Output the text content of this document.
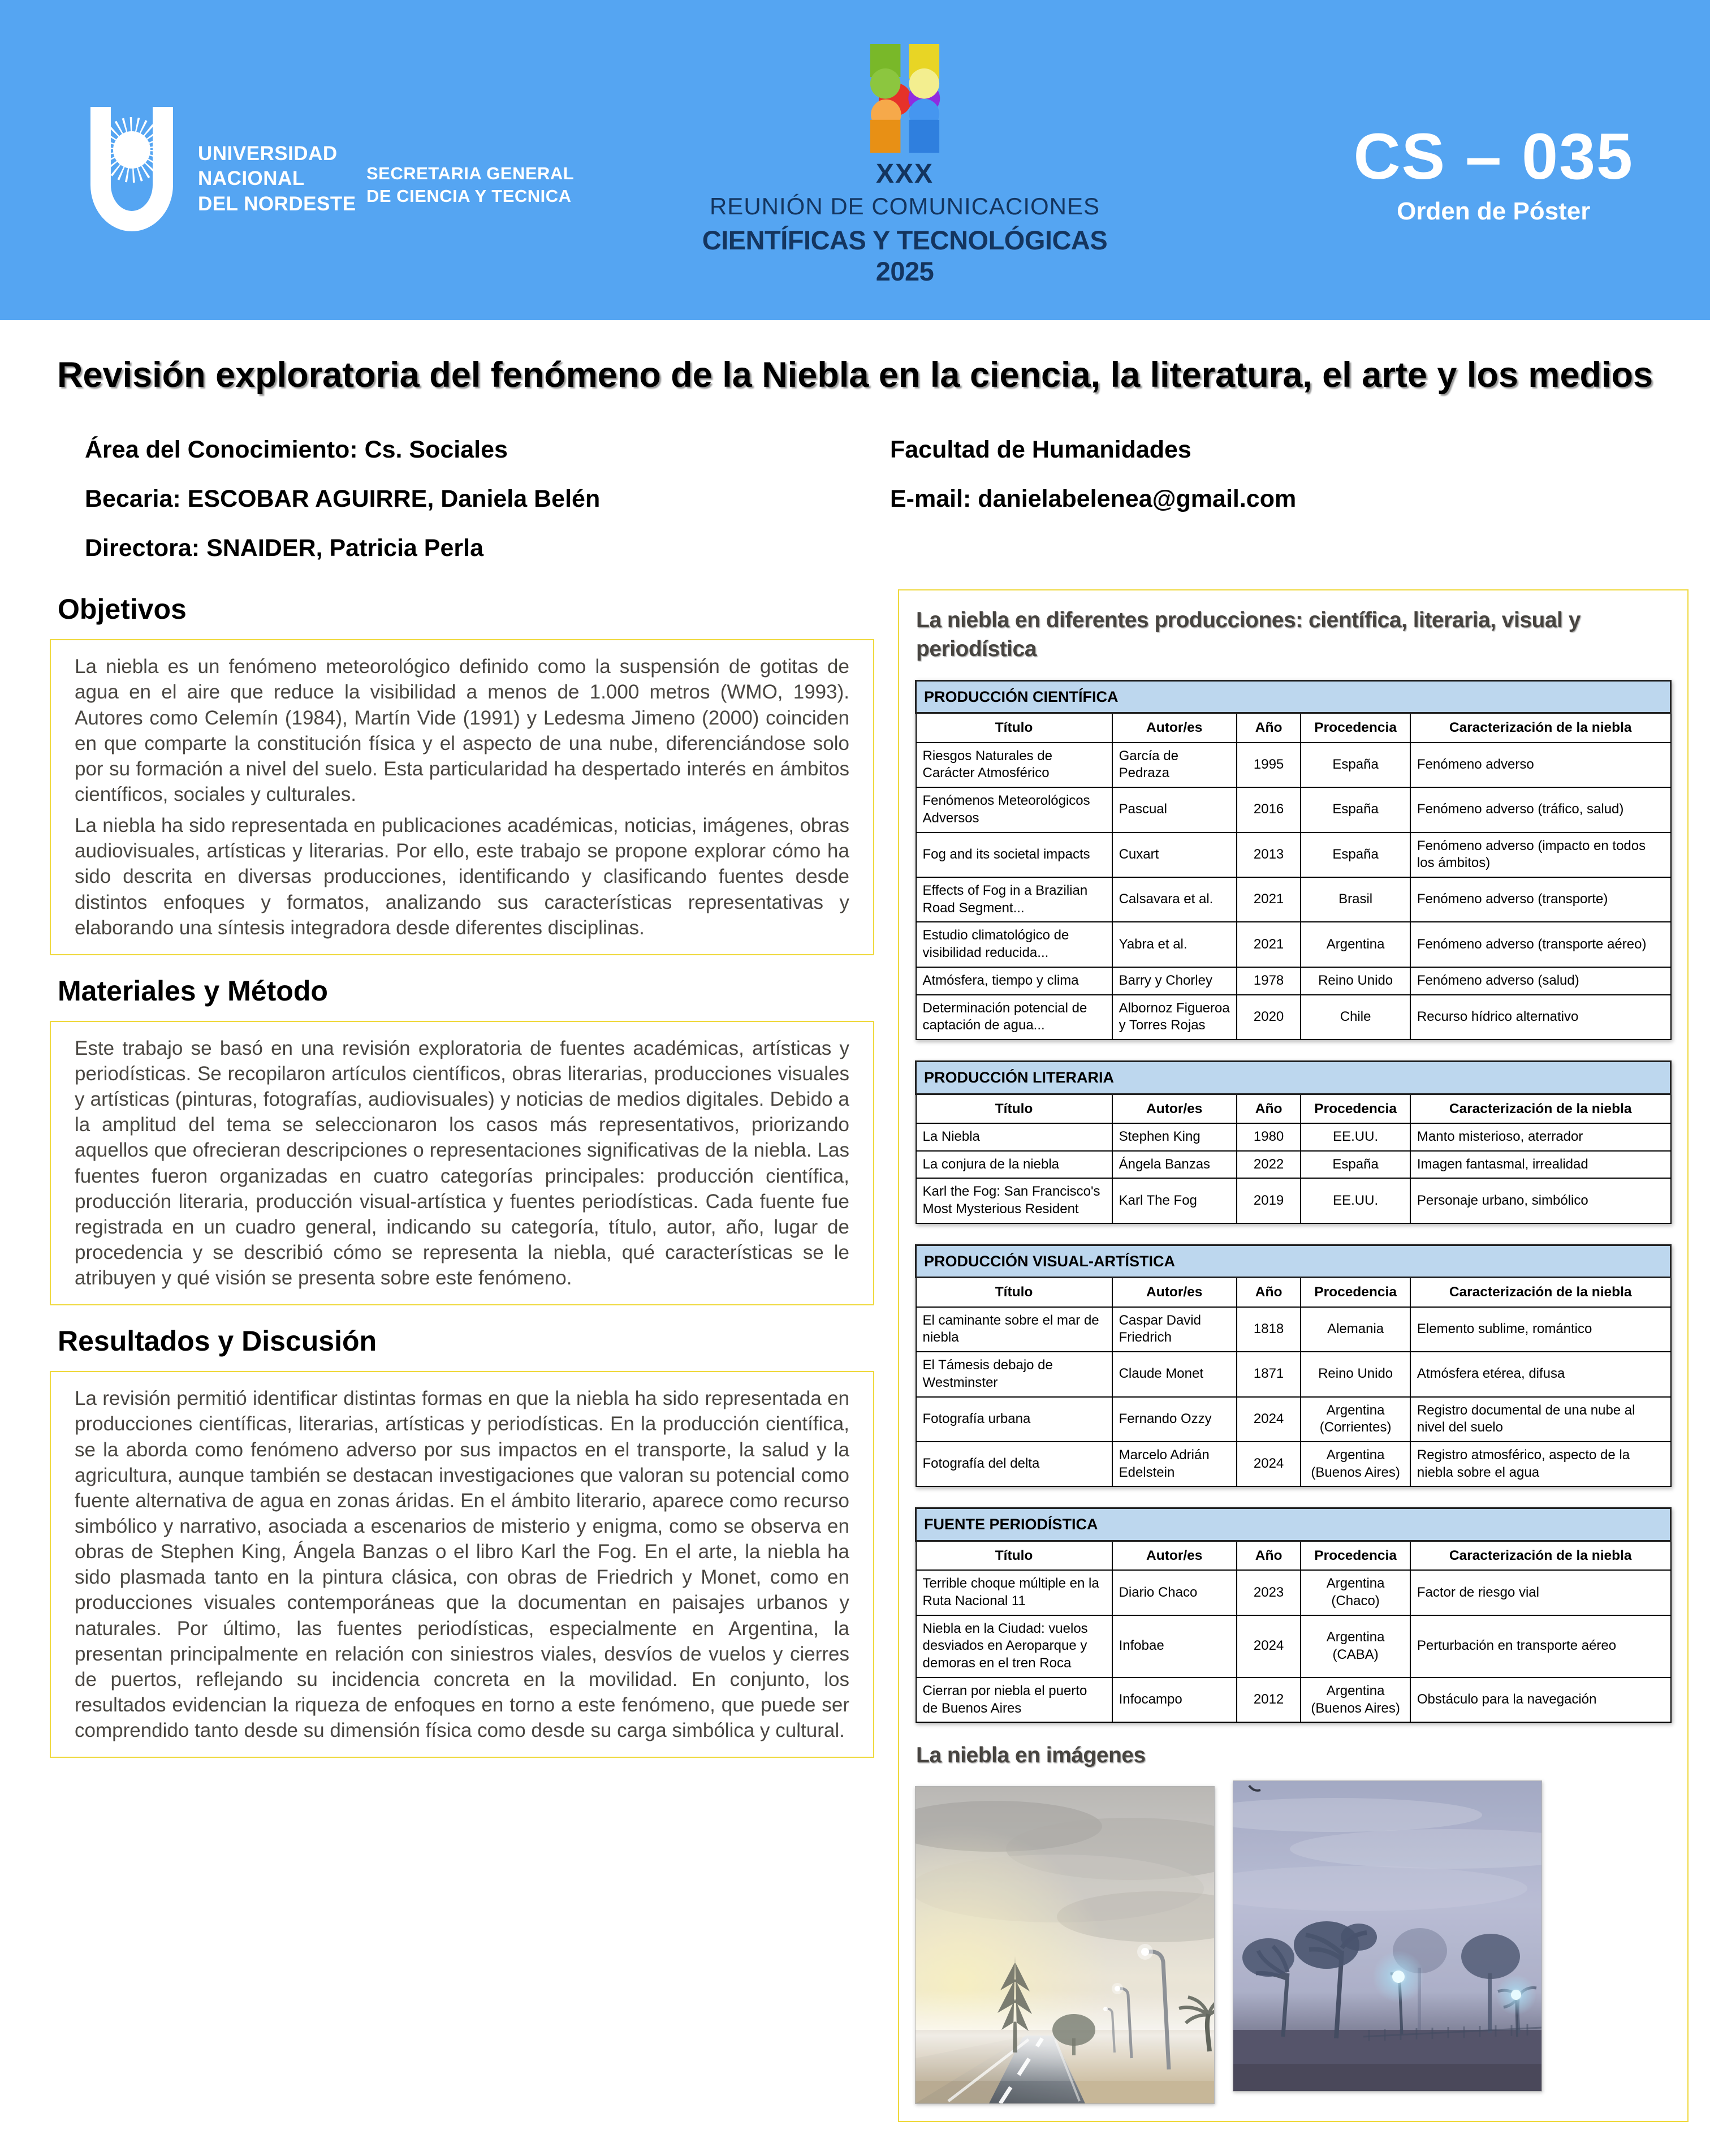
UNIVERSIDAD
NACIONAL
DEL NORDESTE
SECRETARIA GENERAL
DE CIENCIA Y TECNICA
XXX
REUNIÓN DE COMUNICACIONES
CIENTÍFICAS Y TECNOLÓGICAS 2025
CS – 035
Orden de Póster
Revisión exploratoria del fenómeno de la Niebla en la ciencia, la literatura, el arte y los medios
Área del Conocimiento: Cs. Sociales	Facultad de Humanidades
Becaria: ESCOBAR AGUIRRE, Daniela Belén	E-mail: danielabelenea@gmail.com
Directora: SNAIDER, Patricia Perla
Objetivos

La niebla es un fenómeno meteorológico definido como la suspensión de gotitas de agua en el aire que reduce la visibilidad a menos de 1.000 metros (WMO, 1993). Autores como Celemín (1984), Martín Vide (1991) y Ledesma Jimeno (2000) coinciden en que comparte la constitución física y el aspecto de una nube, diferenciándose solo por su formación a nivel del suelo. Esta particularidad ha despertado interés en ámbitos científicos, sociales y culturales.

La niebla ha sido representada en publicaciones académicas, noticias, imágenes, obras audiovisuales, artísticas y literarias. Por ello, este trabajo se propone explorar cómo ha sido descrita en diversas producciones, identificando y clasificando fuentes desde distintos enfoques y formatos, analizando sus características representativas y elaborando una síntesis integradora desde diferentes disciplinas.

Materiales y Método

Este trabajo se basó en una revisión exploratoria de fuentes académicas, artísticas y periodísticas. Se recopilaron artículos científicos, obras literarias, producciones visuales y artísticas (pinturas, fotografías, audiovisuales) y noticias de medios digitales. Debido a la amplitud del tema se seleccionaron los casos más representativos, priorizando aquellos que ofrecieran descripciones o representaciones significativas de la niebla. Las fuentes fueron organizadas en cuatro categorías principales: producción científica, producción literaria, producción visual-artística y fuentes periodísticas. Cada fuente fue registrada en un cuadro general, indicando su categoría, título, autor, año, lugar de procedencia y se describió cómo se representa la niebla, qué características se le atribuyen y qué visión se presenta sobre este fenómeno.

Resultados y Discusión

La revisión permitió identificar distintas formas en que la niebla ha sido representada en producciones científicas, literarias, artísticas y periodísticas. En la producción científica, se la aborda como fenómeno adverso por sus impactos en el transporte, la salud y la agricultura, aunque también se destacan investigaciones que valoran su potencial como fuente alternativa de agua en zonas áridas. En el ámbito literario, aparece como recurso simbólico y narrativo, asociada a escenarios de misterio y enigma, como se observa en obras de Stephen King, Ángela Banzas o el libro Karl the Fog. En el arte, la niebla ha sido plasmada tanto en la pintura clásica, con obras de Friedrich y Monet, como en producciones visuales contemporáneas que la documentan en paisajes urbanos y naturales. Por último, las fuentes periodísticas, especialmente en Argentina, la presentan principalmente en relación con siniestros viales, desvíos de vuelos y cierres de puertos, reflejando su incidencia concreta en la movilidad. En conjunto, los resultados evidencian la riqueza de enfoques en torno a este fenómeno, que puede ser comprendido tanto desde su dimensión física como desde su carga simbólica y cultural.

La niebla en diferentes producciones: científica, literaria, visual y periodística
PRODUCCIÓN CIENTÍFICA				
Título	Autor/es	Año	Procedencia	Caracterización de la niebla
Riesgos Naturales de Carácter Atmosférico	García de Pedraza	1995	España	Fenómeno adverso
Fenómenos Meteorológicos Adversos	Pascual	2016	España	Fenómeno adverso (tráfico, salud)
Fog and its societal impacts	Cuxart	2013	España	Fenómeno adverso (impacto en todos los ámbitos)
Effects of Fog in a Brazilian Road Segment...	Calsavara et al.	2021	Brasil	Fenómeno adverso (transporte)
Estudio climatológico de visibilidad reducida...	Yabra et al.	2021	Argentina	Fenómeno adverso (transporte aéreo)
Atmósfera, tiempo y clima	Barry y Chorley	1978	Reino Unido	Fenómeno adverso (salud)
Determinación potencial de captación de agua...	Albornoz Figueroa y Torres Rojas	2020	Chile	Recurso hídrico alternativo
PRODUCCIÓN LITERARIA				
Título	Autor/es	Año	Procedencia	Caracterización de la niebla
La Niebla	Stephen King	1980	EE.UU.	Manto misterioso, aterrador
La conjura de la niebla	Ángela Banzas	2022	España	Imagen fantasmal, irrealidad
Karl the Fog: San Francisco's Most Mysterious Resident	Karl The Fog	2019	EE.UU.	Personaje urbano, simbólico
PRODUCCIÓN VISUAL-ARTÍSTICA				
Título	Autor/es	Año	Procedencia	Caracterización de la niebla
El caminante sobre el mar de niebla	Caspar David Friedrich	1818	Alemania	Elemento sublime, romántico
El Támesis debajo de Westminster	Claude Monet	1871	Reino Unido	Atmósfera etérea, difusa
Fotografía urbana	Fernando Ozzy	2024	Argentina (Corrientes)	Registro documental de una nube al nivel del suelo
Fotografía del delta	Marcelo Adrián Edelstein	2024	Argentina (Buenos Aires)	Registro atmosférico, aspecto de la niebla sobre el agua
FUENTE PERIODÍSTICA				
Título	Autor/es	Año	Procedencia	Caracterización de la niebla
Terrible choque múltiple en la Ruta Nacional 11	Diario Chaco	2023	Argentina (Chaco)	Factor de riesgo vial
Niebla en la Ciudad: vuelos desviados en Aeroparque y demoras en el tren Roca	Infobae	2024	Argentina (CABA)	Perturbación en transporte aéreo
Cierran por niebla el puerto de Buenos Aires	Infocampo	2012	Argentina (Buenos Aires)	Obstáculo para la navegación
La niebla en imágenes
